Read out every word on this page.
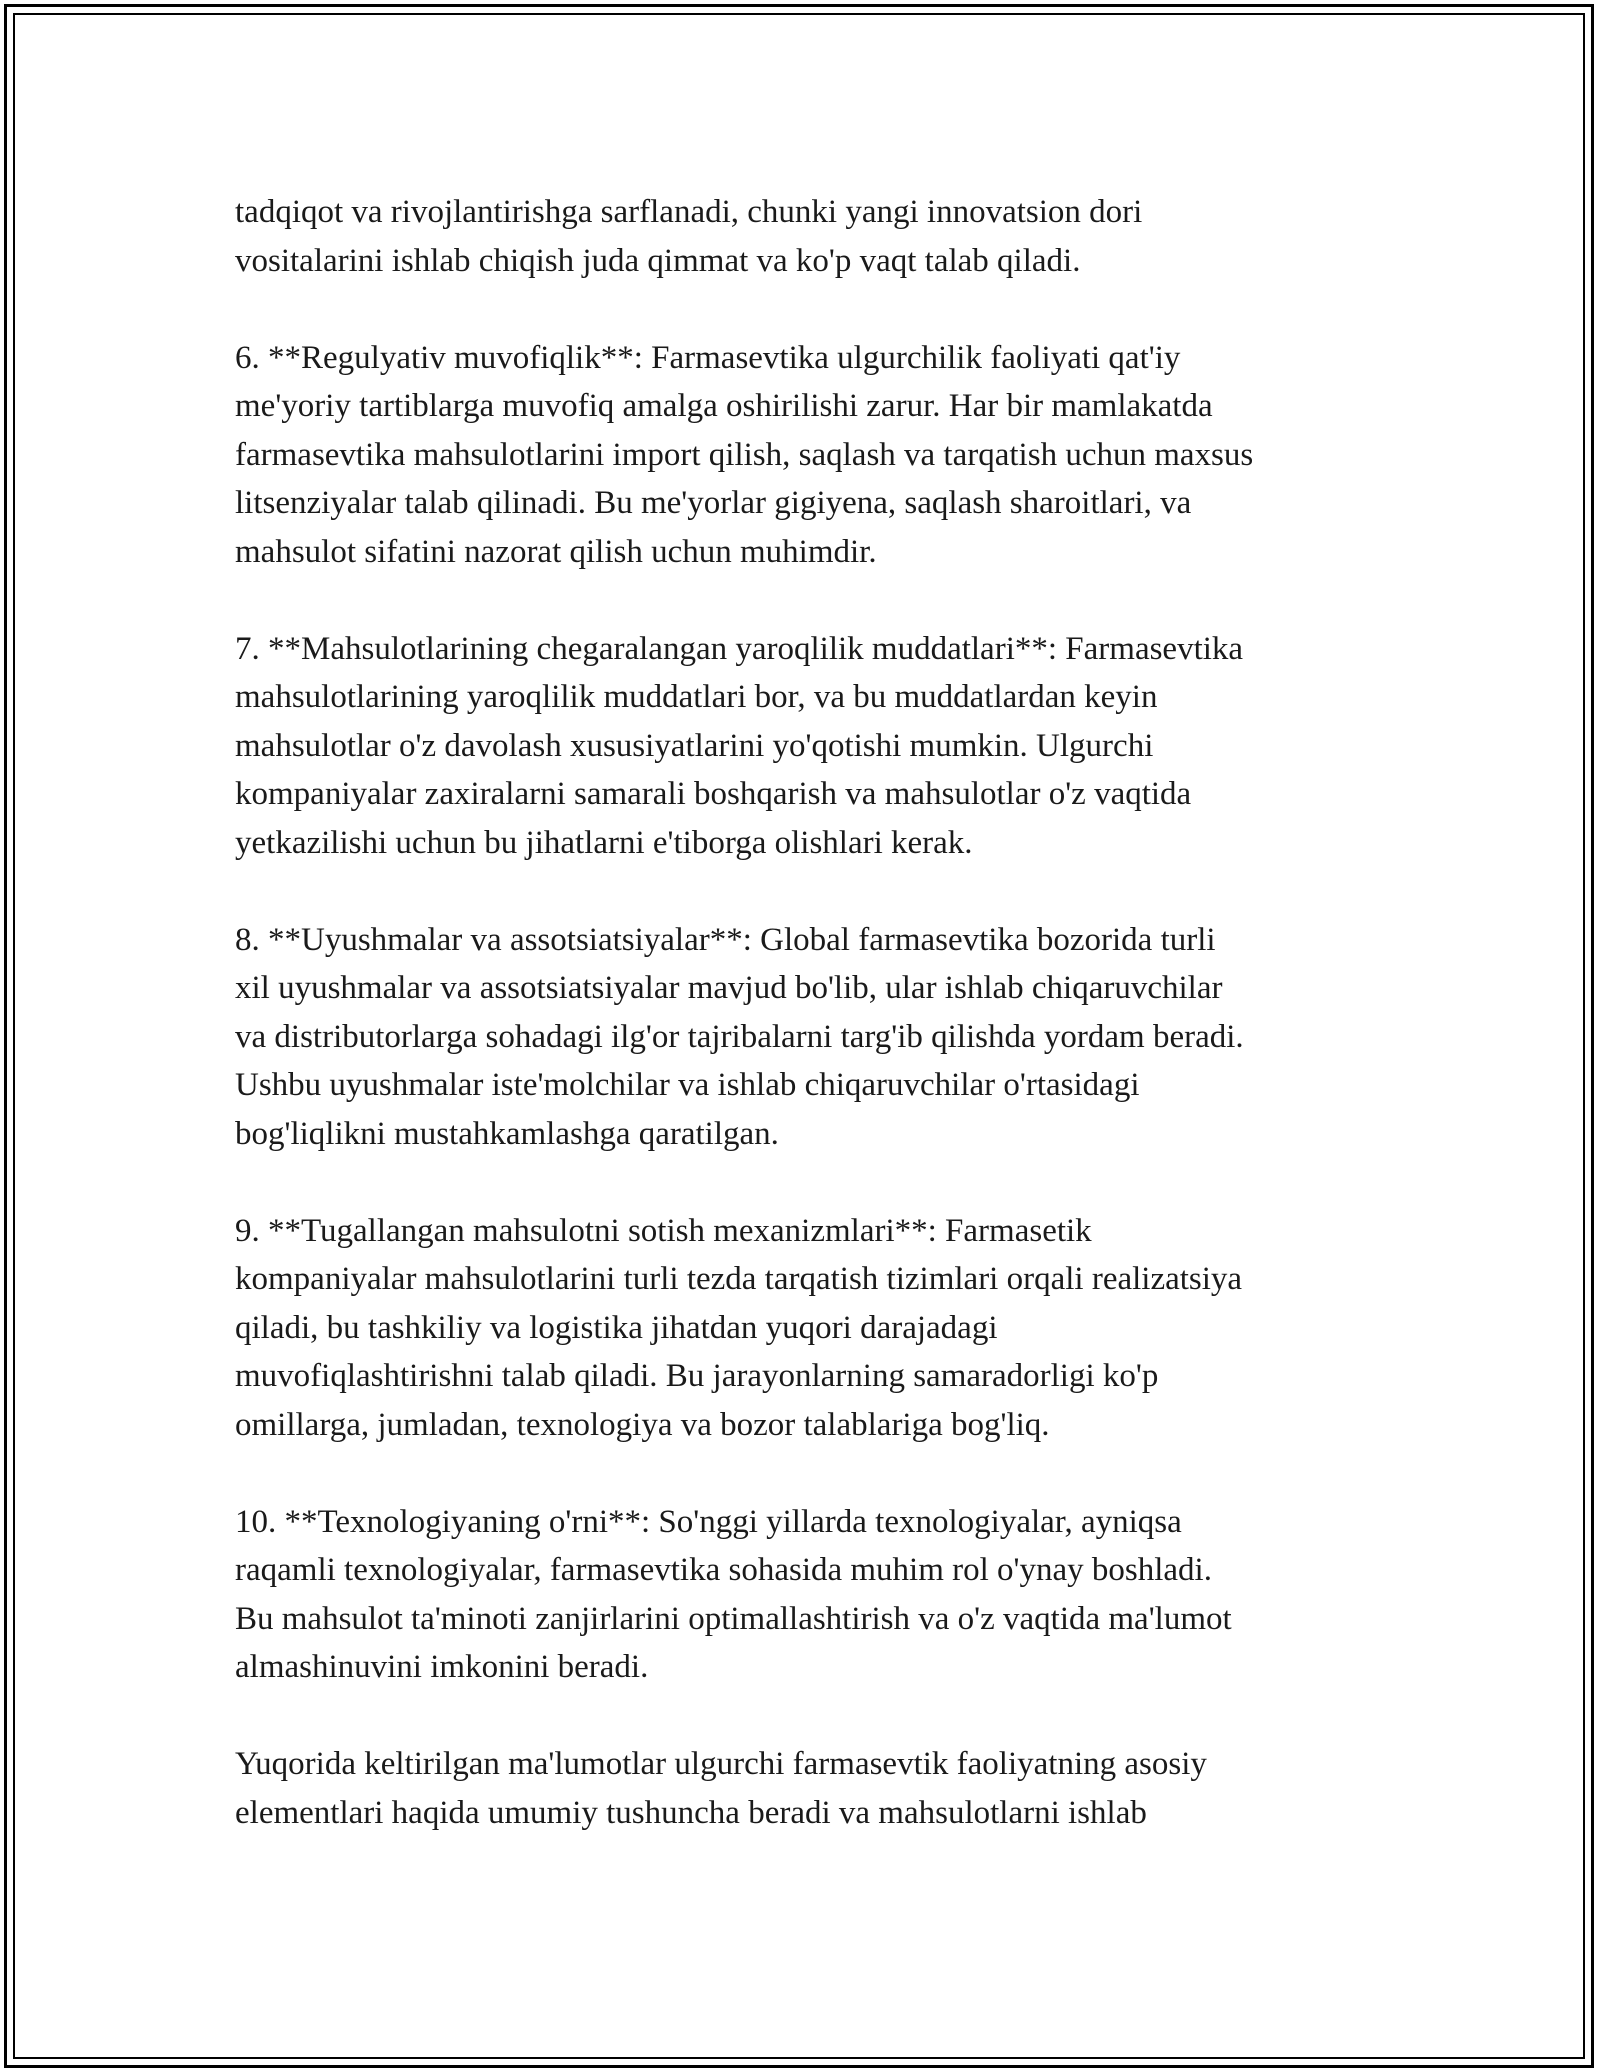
tadqiqot va rivojlantirishga sarflanadi, chunki yangi innovatsion dori
vositalarini ishlab chiqish juda qimmat va ko'p vaqt talab qiladi.

6. **Regulyativ muvofiqlik**: Farmasevtika ulgurchilik faoliyati qat'iy
me'yoriy tartiblarga muvofiq amalga oshirilishi zarur. Har bir mamlakatda
farmasevtika mahsulotlarini import qilish, saqlash va tarqatish uchun maxsus
litsenziyalar talab qilinadi. Bu me'yorlar gigiyena, saqlash sharoitlari, va
mahsulot sifatini nazorat qilish uchun muhimdir.

7. **Mahsulotlarining chegaralangan yaroqlilik muddatlari**: Farmasevtika
mahsulotlarining yaroqlilik muddatlari bor, va bu muddatlardan keyin
mahsulotlar o'z davolash xususiyatlarini yo'qotishi mumkin. Ulgurchi
kompaniyalar zaxiralarni samarali boshqarish va mahsulotlar o'z vaqtida
yetkazilishi uchun bu jihatlarni e'tiborga olishlari kerak.

8. **Uyushmalar va assotsiatsiyalar**: Global farmasevtika bozorida turli
xil uyushmalar va assotsiatsiyalar mavjud bo'lib, ular ishlab chiqaruvchilar
va distributorlarga sohadagi ilg'or tajribalarni targ'ib qilishda yordam beradi.
Ushbu uyushmalar iste'molchilar va ishlab chiqaruvchilar o'rtasidagi
bog'liqlikni mustahkamlashga qaratilgan.

9. **Tugallangan mahsulotni sotish mexanizmlari**: Farmasetik
kompaniyalar mahsulotlarini turli tezda tarqatish tizimlari orqali realizatsiya
qiladi, bu tashkiliy va logistika jihatdan yuqori darajadagi
muvofiqlashtirishni talab qiladi. Bu jarayonlarning samaradorligi ko'p
omillarga, jumladan, texnologiya va bozor talablariga bog'liq.

10. **Texnologiyaning o'rni**: So'nggi yillarda texnologiyalar, ayniqsa
raqamli texnologiyalar, farmasevtika sohasida muhim rol o'ynay boshladi.
Bu mahsulot ta'minoti zanjirlarini optimallashtirish va o'z vaqtida ma'lumot
almashinuvini imkonini beradi.

Yuqorida keltirilgan ma'lumotlar ulgurchi farmasevtik faoliyatning asosiy
elementlari haqida umumiy tushuncha beradi va mahsulotlarni ishlab
